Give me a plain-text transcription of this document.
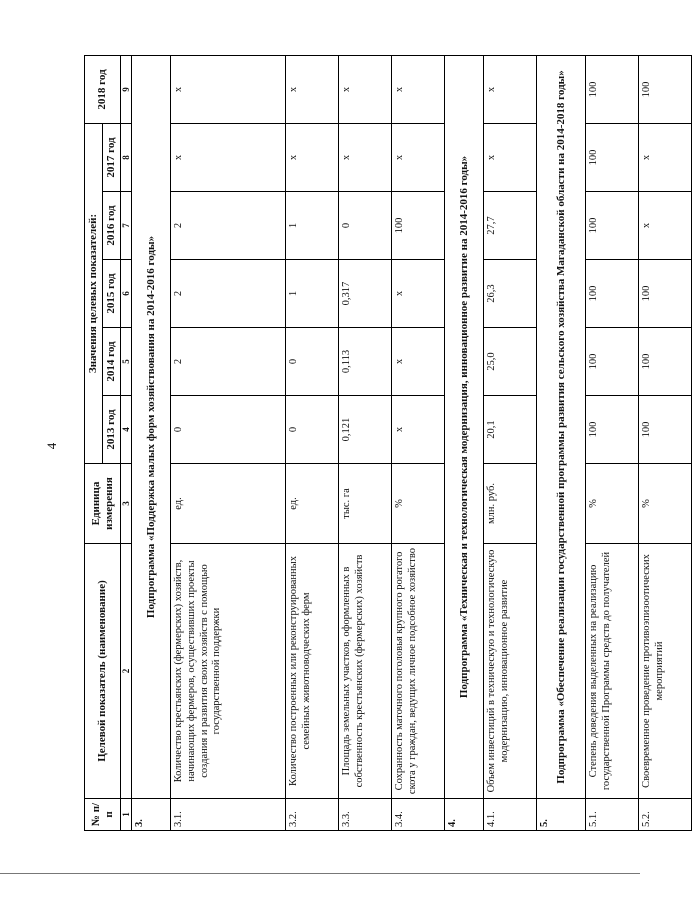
4
№ п/п	Целевой показатель (наименование)	Единица измерения	Значения целевых показателей:					2018 год
			2013 год	2014 год	2015 год	2016 год	2017 год	
1	2	3	4	5	6	7	8	9
3.	Подпрограмма «Поддержка малых форм хозяйствования на 2014-2016 годы»							
3.1.	Количество крестьянских (фермерских) хозяйств, начинающих фермеров, осуществивших проекты создания и развития своих хозяйств с помощью государственной поддержки	ед.	0	2	2	2	x	x
3.2.	Количество построенных или реконструированных семейных животноводческих ферм	ед.	0	0	1	1	x	x
3.3.	Площадь земельных участков, оформленных в собственность крестьянских (фермерских) хозяйств	тыс. га	0,121	0,113	0,317	0	x	x
3.4.	Сохранность маточного поголовья крупного рогатого скота у граждан, ведущих личное подсобное хозяйство	%	x	x	x	100	x	x
4.	Подпрограмма «Техническая и технологическая модернизация, инновационное развитие на 2014-2016 годы»							
4.1.	Объем инвестиций в техническую и технологическую модернизацию, инновационное развитие	млн. руб.	20,1	25,0	26,3	27,7	x	x
5.	Подпрограмма «Обеспечение реализации государственной программы развития сельского хозяйства Магаданской области на 2014-2018 годы»							
5.1.	Степень доведения выделенных на реализацию государственной Программы средств до получателей	%	100	100	100	100	100	100
5.2.	Своевременное проведение противоэпизоотических мероприятий	%	100	100	100	x	x	100
